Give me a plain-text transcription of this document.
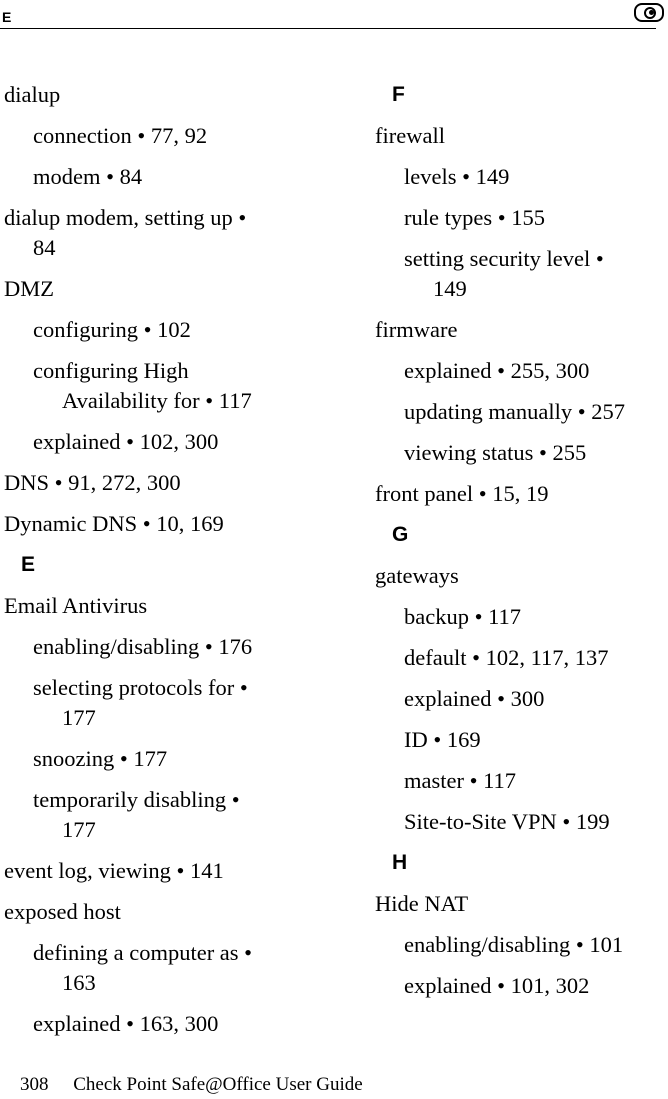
E
dialup
connection • 77, 92
modem • 84
dialup modem, setting up •
84
DMZ
configuring • 102
configuring High
Availability for • 117
explained • 102, 300
DNS • 91, 272, 300
Dynamic DNS • 10, 169
E
Email Antivirus
enabling/disabling • 176
selecting protocols for •
177
snoozing • 177
temporarily disabling •
177
event log, viewing • 141
exposed host
defining a computer as •
163
explained • 163, 300
F
firewall
levels • 149
rule types • 155
setting security level •
149
firmware
explained • 255, 300
updating manually • 257
viewing status • 255
front panel • 15, 19
G
gateways
backup • 117
default • 102, 117, 137
explained • 300
ID • 169
master • 117
Site-to-Site VPN • 199
H
Hide NAT
enabling/disabling • 101
explained • 101, 302
308 Check Point Safe@Office User Guide
